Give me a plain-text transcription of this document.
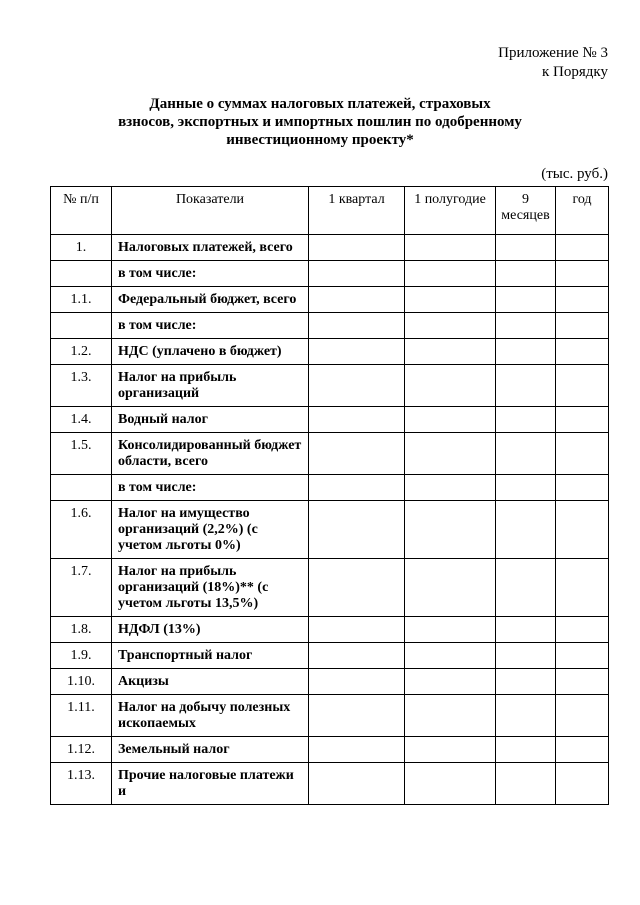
Приложение № 3
к Порядку
Данные о суммах налоговых платежей, страховых
взносов, экспортных и импортных пошлин по одобренному
инвестиционному проекту*
(тыс. руб.)
№ п/п	Показатели	1 квартал	1 полугодие	9 месяцев	год
1.	Налоговых платежей, всего				
	в том числе:				
1.1.	Федеральный бюджет, всего				
	в том числе:				
1.2.	НДС (уплачено в бюджет)				
1.3.	Налог на прибыль организаций				
1.4.	Водный налог				
1.5.	Консолидированный бюджет области, всего				
	в том числе:				
1.6.	Налог на имущество организаций (2,2%) (с учетом льготы 0%)				
1.7.	Налог на прибыль организаций (18%)** (с учетом льготы 13,5%)				
1.8.	НДФЛ (13%)				
1.9.	Транспортный налог				
1.10.	Акцизы				
1.11.	Налог на добычу полезных ископаемых				
1.12.	Земельный налог				
1.13.	Прочие налоговые платежи и				
